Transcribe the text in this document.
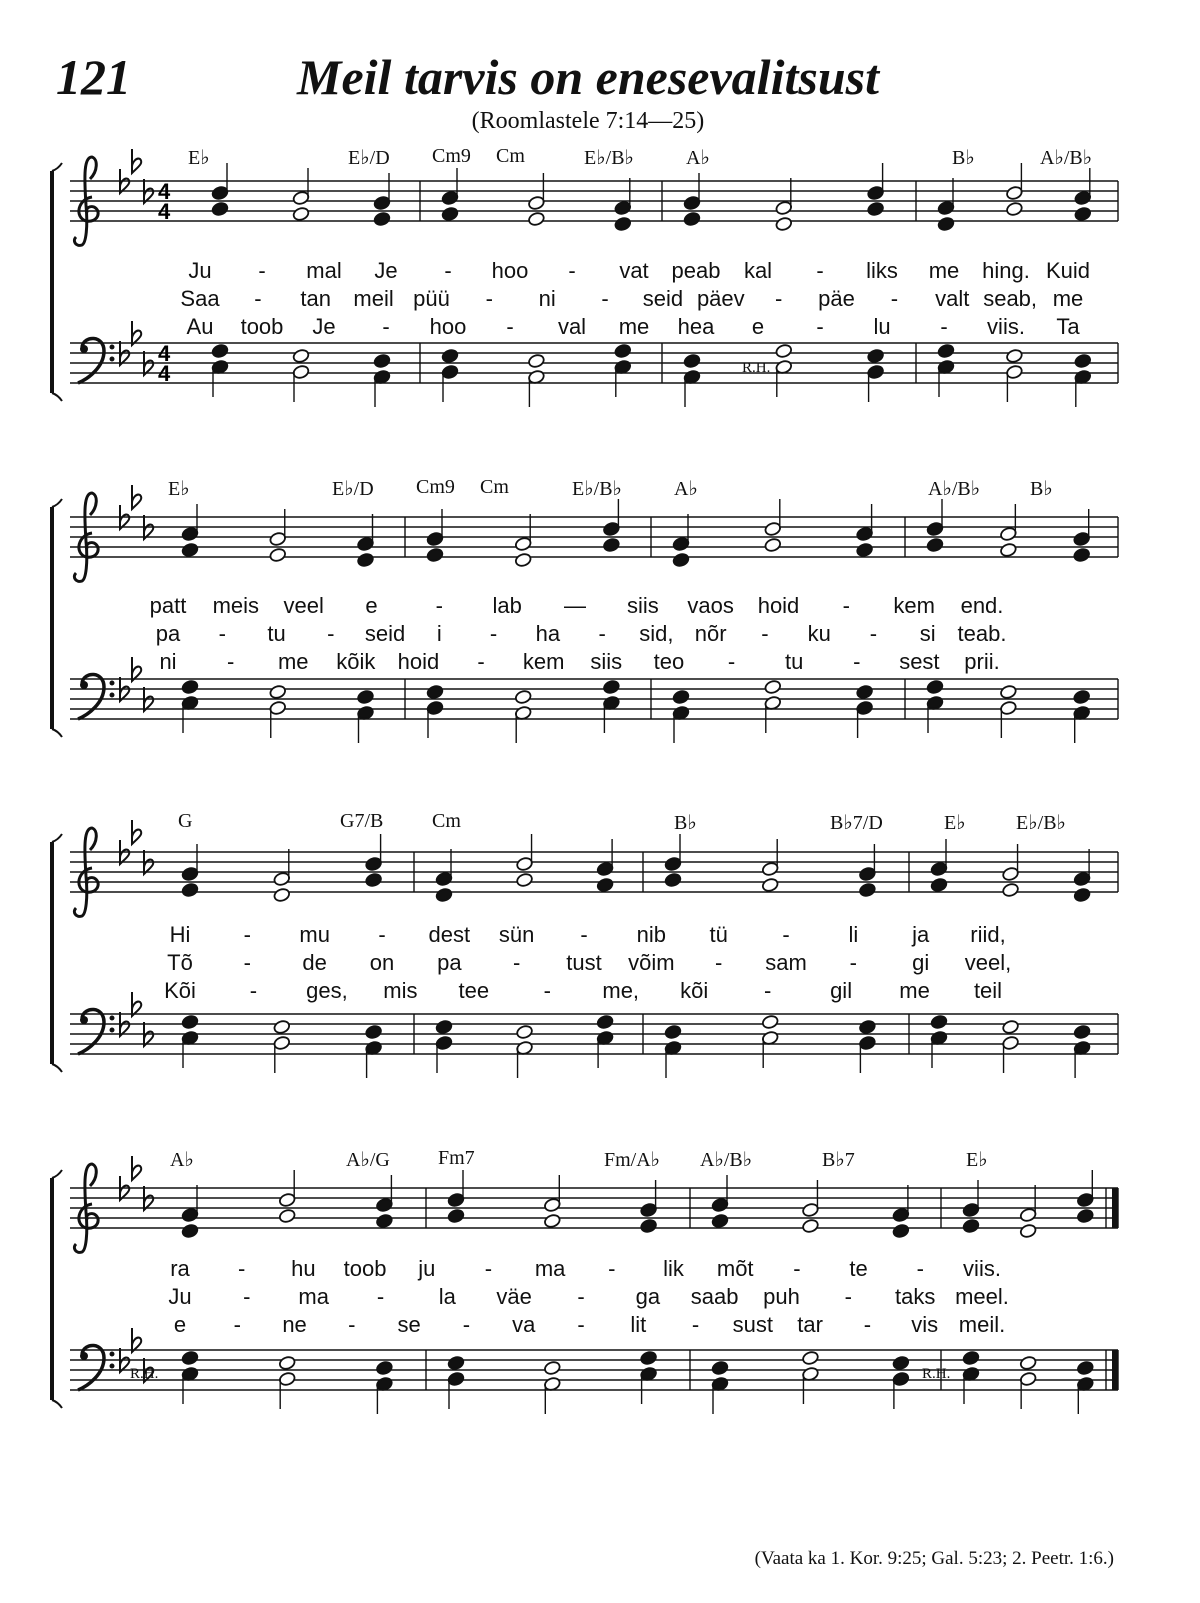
121	Meil tarvis on enesevalitsust
(Roomlastele 7:14—25)
4
4
4
4
E♭	E♭/D Cm9 Cm	E♭/B♭	A♭	B♭	A♭/B♭
Ju - mal Je - hoo - vat peab kal - liks me hing. Kuid
Saa - tan meil püü - ni - seid päev - päe - valt seab, me
Au toob Je - hoo - val me hea e - lu - viis. Ta
E♭	E♭/D Cm9 Cm	E♭/B♭	A♭	A♭/B♭ B♭
patt meis veel e	- lab — siis vaos hoid - kem end.
pa - tu - seid i - ha - sid, nõr - ku - si teab.
ni - me kõik hoid - kem siis teo - tu - sest prii.
G	G7/B Cm	B♭	B♭7/D	E♭	E♭/B♭
Hi - mu - dest sün - nib tü -	li ja riid,
Tõ - de on pa - tust võim - sam -	gi veel,
Kõi - ges, mis tee - me, kõi	-	gil me teil
A♭	A♭/G Fm7	Fm/A♭ A♭/B♭	B♭7	E♭
ra - hu toob ju - ma - lik mõt - te - viis.
Ju - ma - la väe - ga saab puh - taks meel.
e - ne - se - va - lit - sust tar - vis meil.
R.H.
R.H.	R.H.
(Vaata ka 1. Kor. 9:25; Gal. 5:23; 2. Peetr. 1:6.)
